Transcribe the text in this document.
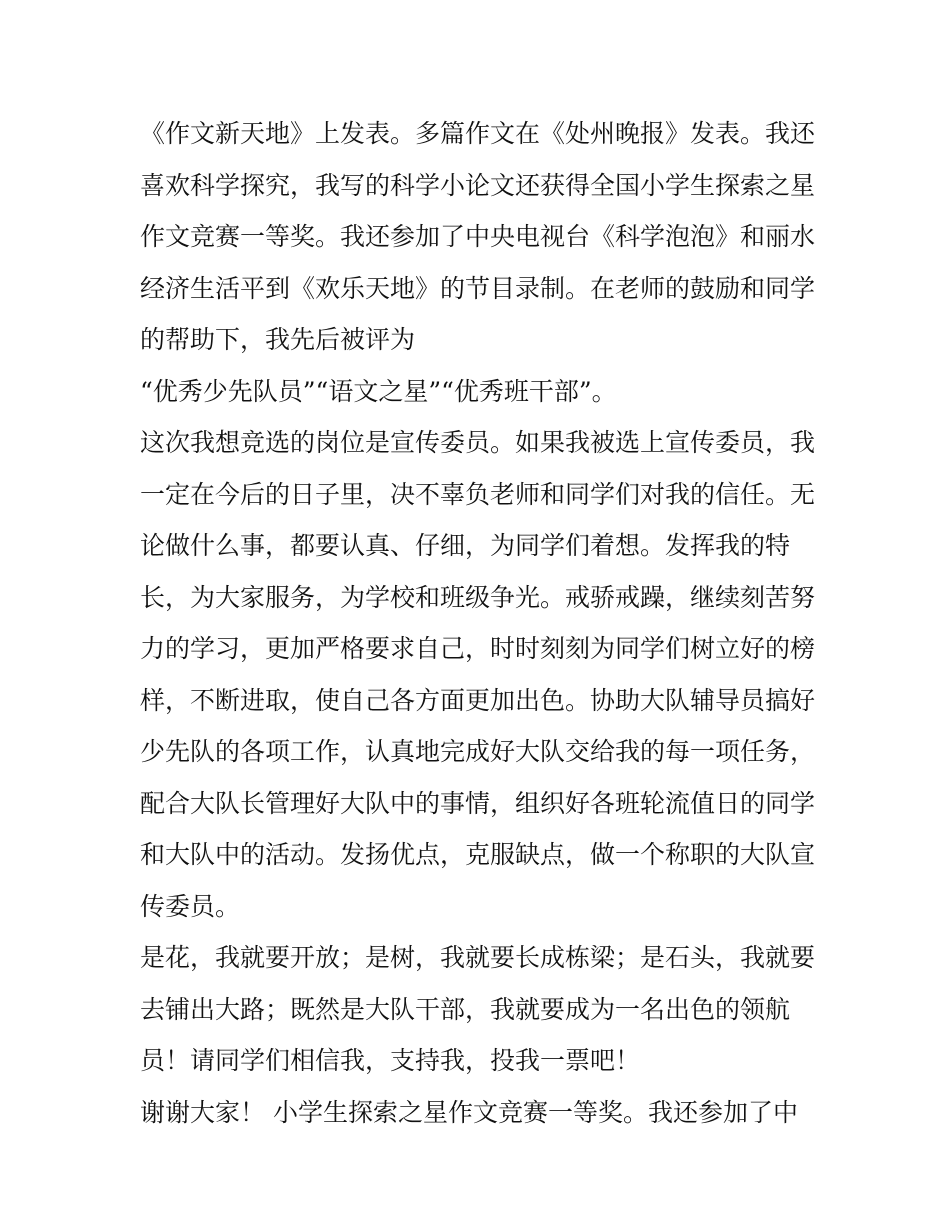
《作文新天地》上发表。多篇作文在《处州晚报》发表。我还
喜欢科学探究，我写的科学小论文还获得全国小学生探索之星
作文竞赛一等奖。我还参加了中央电视台《科学泡泡》和丽水
经济生活平到《欢乐天地》的节目录制。在老师的鼓励和同学
的帮助下，我先后被评为
“优秀少先队员”“语文之星”“优秀班干部”。
这次我想竞选的岗位是宣传委员。如果我被选上宣传委员，我
一定在今后的日子里，决不辜负老师和同学们对我的信任。无
论做什么事，都要认真、仔细，为同学们着想。发挥我的特
长，为大家服务，为学校和班级争光。戒骄戒躁，继续刻苦努
力的学习，更加严格要求自己，时时刻刻为同学们树立好的榜
样，不断进取，使自己各方面更加出色。协助大队辅导员搞好
少先队的各项工作，认真地完成好大队交给我的每一项任务，
配合大队长管理好大队中的事情，组织好各班轮流值日的同学
和大队中的活动。发扬优点，克服缺点，做一个称职的大队宣
传委员。
是花，我就要开放；是树，我就要长成栋梁；是石头，我就要
去铺出大路；既然是大队干部，我就要成为一名出色的领航
员！请同学们相信我，支持我，投我一票吧！
谢谢大家！ 小学生探索之星作文竞赛一等奖。我还参加了中
